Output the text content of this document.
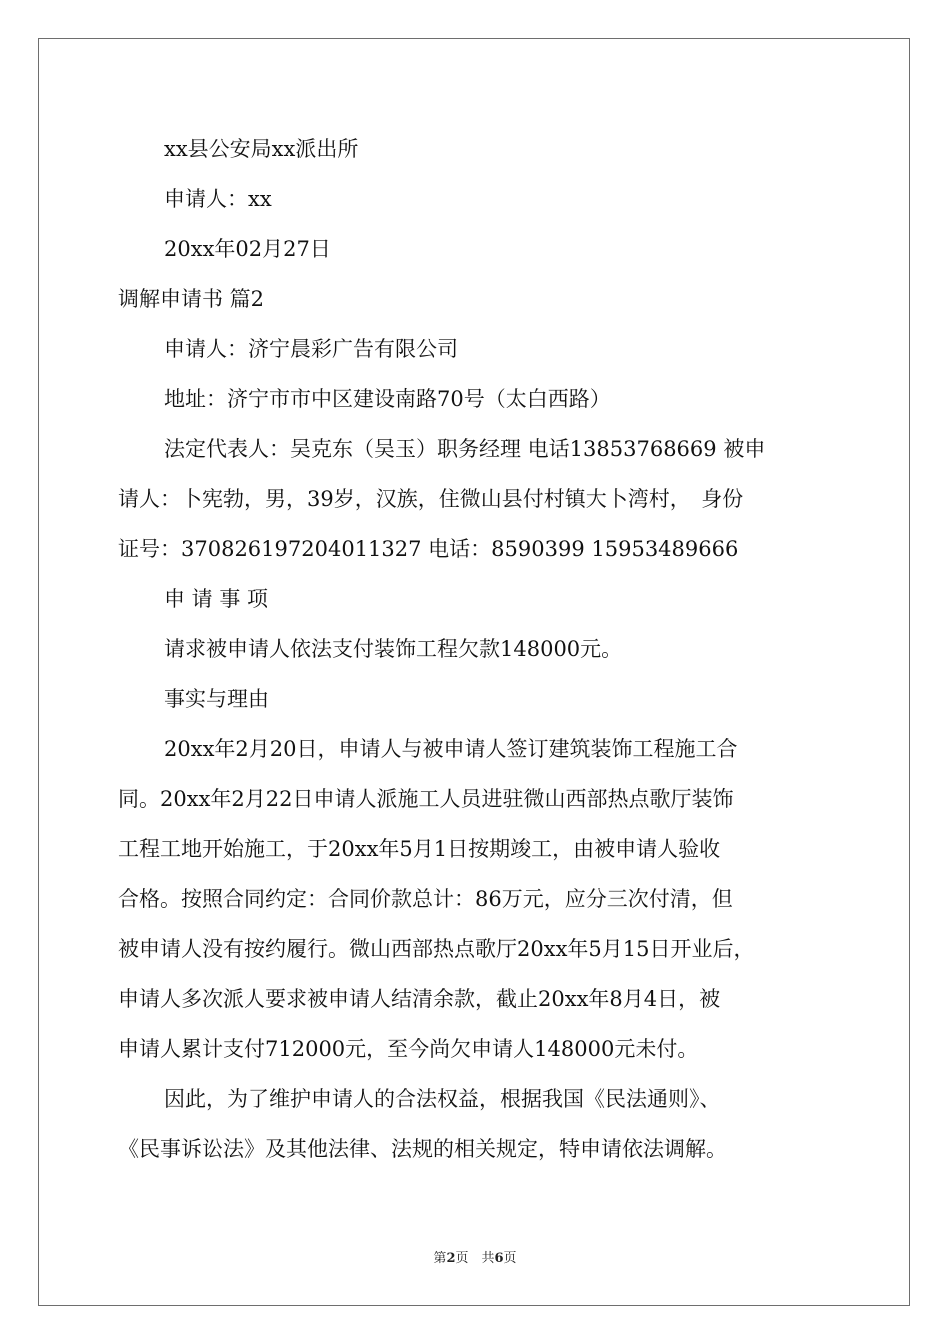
xx县公安局xx派出所
申请人：xx
20xx年02月27日
调解申请书 篇2
申请人：济宁晨彩广告有限公司
地址：济宁市市中区建设南路70号（太白西路）
法定代表人：吴克东（吴玉）职务经理 电话13853768669 被申
请人：卜宪勃，男，39岁，汉族，住微山县付村镇大卜湾村，　身份
证号：370826197204011327 电话：8590399 15953489666
申 请 事 项
请求被申请人依法支付装饰工程欠款148000元。
事实与理由
20xx年2月20日，申请人与被申请人签订建筑装饰工程施工合
同。20xx年2月22日申请人派施工人员进驻微山西部热点歌厅装饰
工程工地开始施工，于20xx年5月1日按期竣工，由被申请人验收
合格。按照合同约定：合同价款总计：86万元，应分三次付清，但
被申请人没有按约履行。微山西部热点歌厅20xx年5月15日开业后，
申请人多次派人要求被申请人结清余款，截止20xx年8月4日，被
申请人累计支付712000元，至今尚欠申请人148000元未付。
因此，为了维护申请人的合法权益，根据我国《民法通则》、
《民事诉讼法》及其他法律、法规的相关规定，特申请依法调解。
第2页　共6页
